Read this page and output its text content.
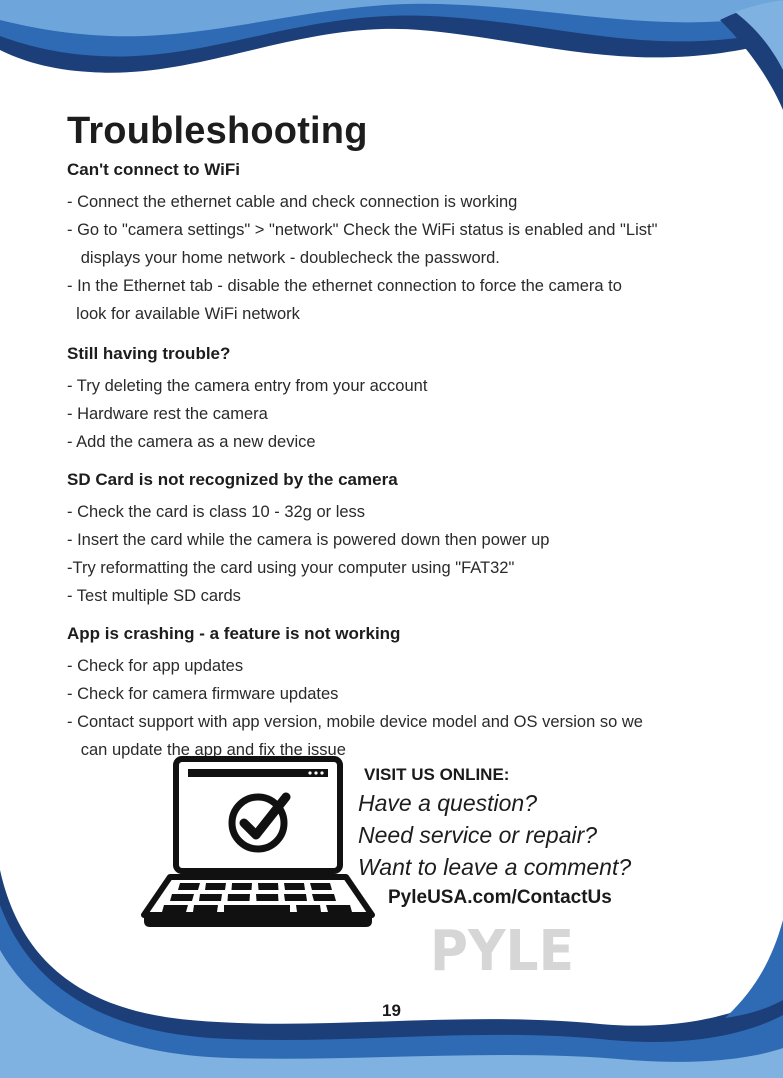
Troubleshooting
Can't connect to WiFi
- Connect the ethernet cable and check connection is working
- Go to "camera settings" > "network" Check the WiFi status is enabled and "List"
displays your home network - doublecheck the password.
- In the Ethernet tab - disable the ethernet connection to force the camera to
look for available WiFi network
Still having trouble?
- Try deleting the camera entry from your account
- Hardware rest the camera
- Add the camera as a new device
SD Card is not recognized by the camera
- Check the card is class 10 - 32g or less
- Insert the card while the camera is powered down then power up
-Try reformatting the card using your computer using "FAT32"
- Test multiple SD cards
App is crashing - a feature is not working
- Check for app updates
- Check for camera firmware updates
- Contact support with app version, mobile device model and OS version so we
can update the app and fix the issue
VISIT US ONLINE:
Have a question?
Need service or repair?
Want to leave a comment?
PyleUSA.com/ContactUs
PYLE
19
